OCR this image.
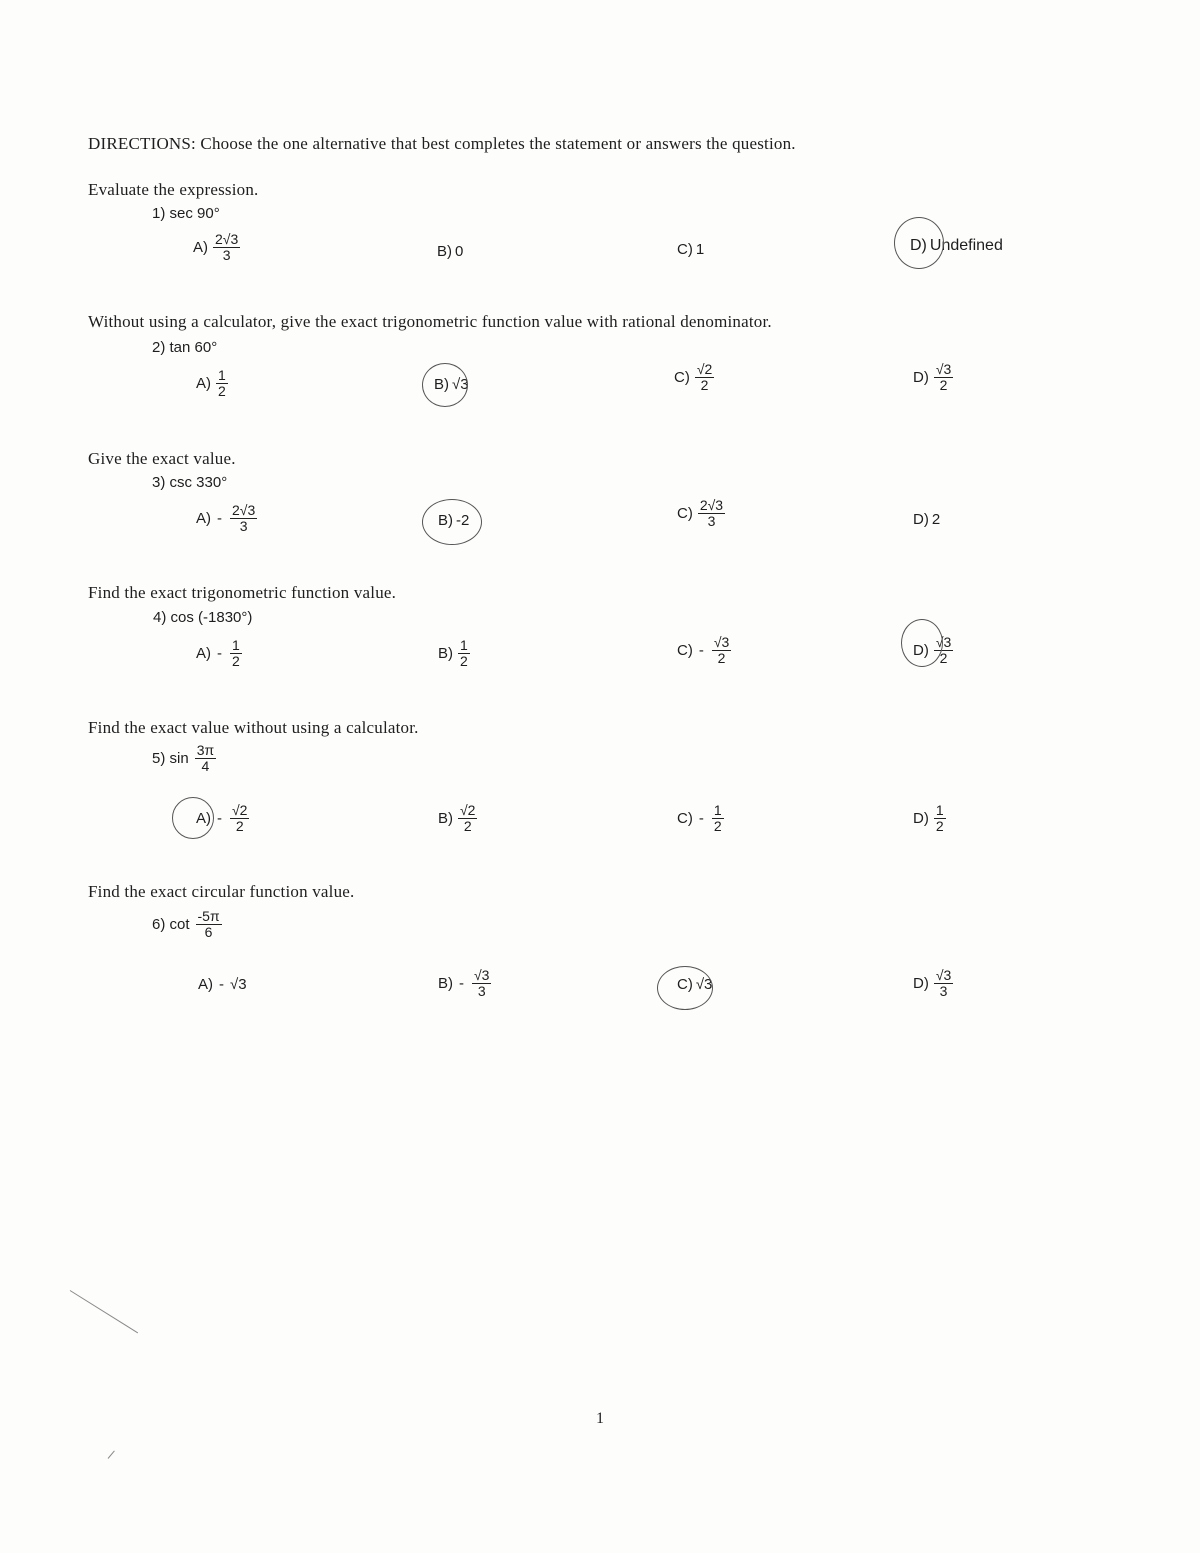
DIRECTIONS: Choose the one alternative that best completes the statement or answers the question.
Evaluate the expression.
1) sec 90°
$A) \frac{2√3}{3}$	B) 0	C) 1	D) Undefined
Without using a calculator, give the exact trigonometric function value with rational denominator.
2) tan 60°
$A) \frac{1}{2}$	B) √3	$C) \frac{√2}{2}$	$D) \frac{√3}{2}$
Give the exact value.
3) csc 330°
$A) - \frac{2√3}{3}$	B) -2	$C) \frac{2√3}{3}$	D) 2
Find the exact trigonometric function value.
4) cos (-1830°)
$A) - \frac{1}{2}$	$B) \frac{1}{2}$	$C) - \frac{√3}{2}$	$D) \frac{√3}{2}$
Find the exact value without using a calculator.
5) $\sin \frac{3\pi}{4}$
$A) - \frac{√2}{2}$	$B) \frac{√2}{2}$	$C) - \frac{1}{2}$	$D) \frac{1}{2}$
Find the exact circular function value.
6) $\cot \frac{-5\pi}{6}$
A) - √3	$B) - \frac{√3}{3}$	C) √3	$D) \frac{√3}{3}$
1
